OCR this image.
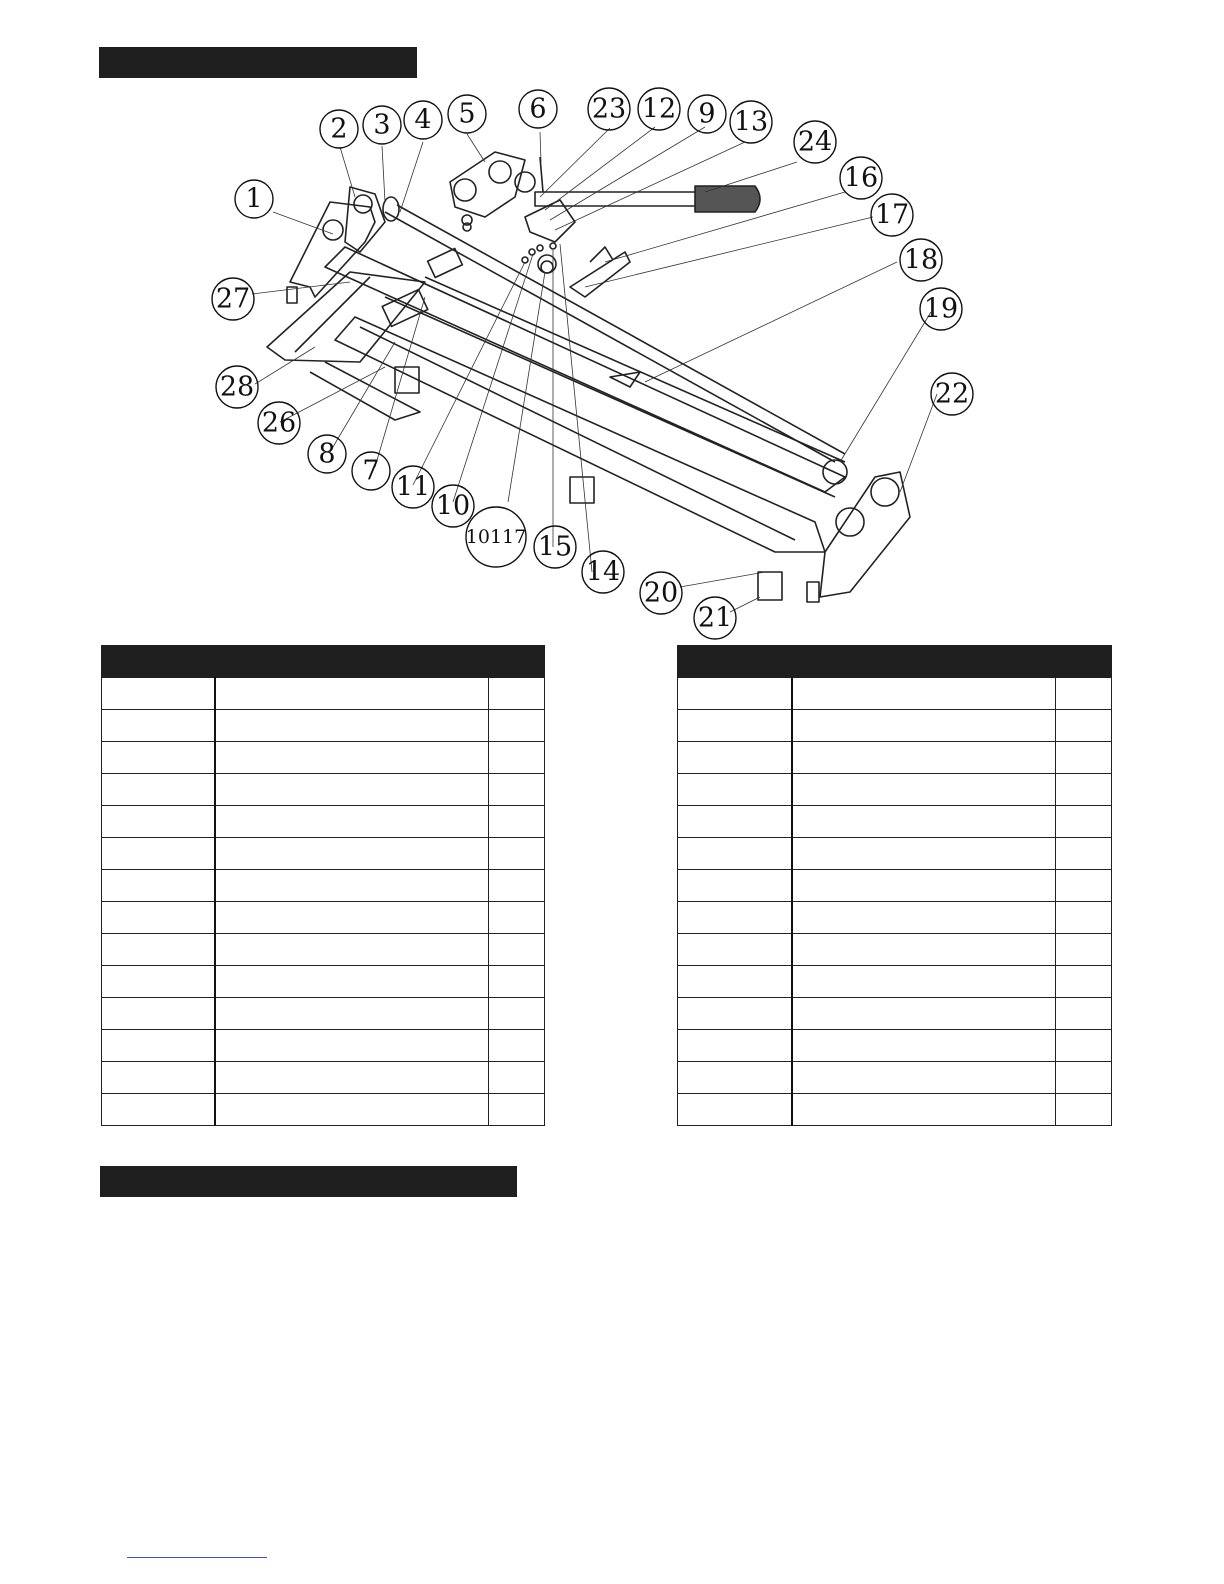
1
2 3 4 5 6
7
8
9
10
11
12 13
14
15
16
17
18
19
20
21
22
23
24
26
27
28
10117
